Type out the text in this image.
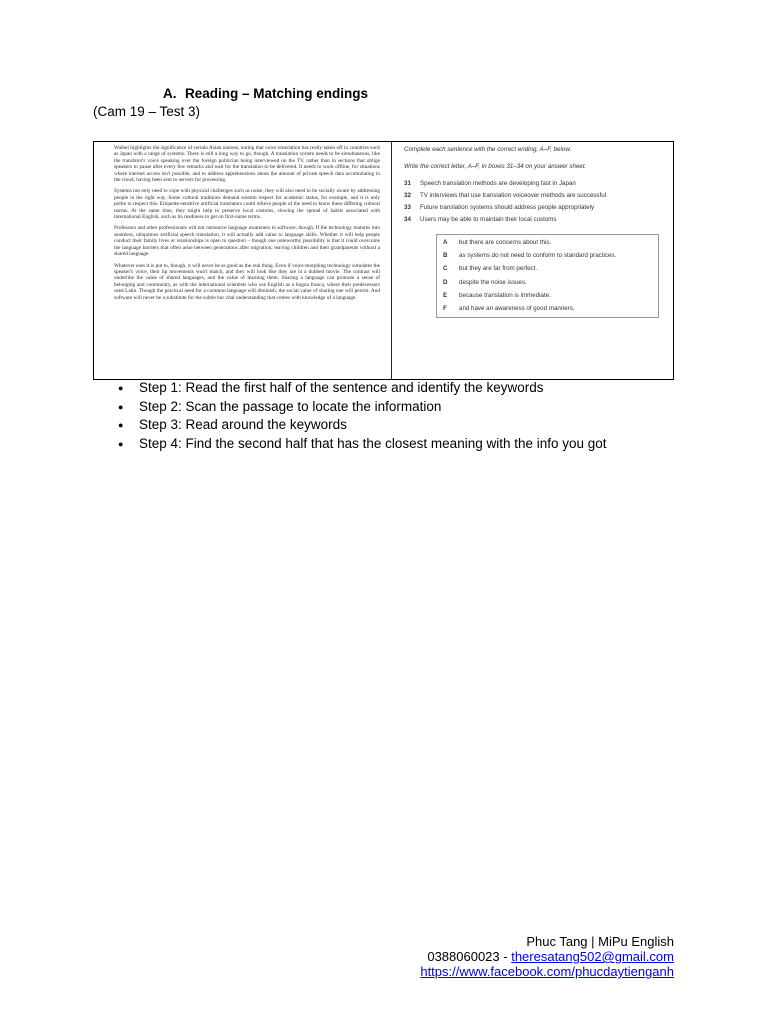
A. Reading – Matching endings
(Cam 19 – Test 3)

Waibel highlights the significance of certain Asian nations, noting that voice translation has really taken off in countries such as Japan with a range of systems. There is still a long way to go, though. A translation system needs to be simultaneous, like the translator's voice speaking over the foreign politician being interviewed on the TV, rather than in sections that oblige speakers to pause after every few remarks and wait for the translation to be delivered. It needs to work offline, for situations where internet access isn't possible, and to address apprehensions about the amount of private speech data accumulating in the cloud, having been sent to servers for processing.

Systems not only need to cope with physical challenges such as noise, they will also need to be socially aware by addressing people in the right way. Some cultural traditions demand solemn respect for academic status, for example, and it is only polite to respect this. Etiquette-sensitive artificial translators could relieve people of the need to know these differing cultural norms. At the same time, they might help to preserve local customs, slowing the spread of habits associated with international English, such as its readiness to get on first-name terms.

Professors and other professionals will not outsource language awareness to software, though. If the technology matures into seamless, ubiquitous artificial speech translation, it will actually add value to language skills. Whether it will help people conduct their family lives or relationships is open to question – though one noteworthy possibility is that it could overcome the language barriers that often arise between generations after migration, leaving children and their grandparents without a shared language.

Whatever uses it is put to, though, it will never be as good as the real thing. Even if voice-morphing technology simulates the speaker's voice, their lip movements won't match, and they will look like they are in a dubbed movie. The contrast will underline the value of shared languages, and the value of learning them. Sharing a language can promote a sense of belonging and community, as with the international scientists who use English as a lingua franca, where their predecessors used Latin. Though the practical need for a common language will diminish, the social value of sharing one will persist. And software will never be a substitute for the subtle but vital understanding that comes with knowledge of a language.

Complete each sentence with the correct ending, A–F, below.

Write the correct letter, A–F, in boxes 31–34 on your answer sheet.

31 Speech translation methods are developing fast in Japan
32 TV interviews that use translation voiceover methods are successful
33 Future translation systems should address people appropriately
34 Users may be able to maintain their local customs
A but there are concerns about this.
B as systems do not need to conform to standard practices.
C but they are far from perfect.
D despite the noise issues.
E because translation is immediate.
F and have an awareness of good manners.
● Step 1: Read the first half of the sentence and identify the keywords
● Step 2: Scan the passage to locate the information
● Step 3: Read around the keywords
● Step 4: Find the second half that has the closest meaning with the info you got
Phuc Tang | MiPu English
0388060023 - theresatang502@gmail.com
https://www.facebook.com/phucdaytienganh
